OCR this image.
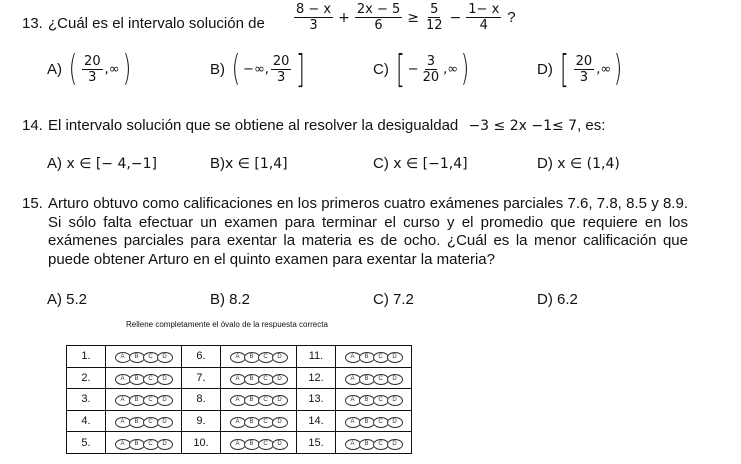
13. ¿Cuál es el intervalo solución de $\frac{8 - x}{3} + \frac{2x - 5}{6} \ge \frac{5}{12} - \frac{1- x}{4}$ ?
A) ( $\frac{20}{3}$ ,∞ )	B) ( −∞, $\frac{20}{3}$ ]	C) [ − $\frac{3}{20}$ ,∞ )	D) [ $\frac{20}{3}$ ,∞ )
14. El intervalo solución que se obtiene al resolver la desigualdad −3 ≤ 2x −1≤ 7, es:
A) x ∈ [− 4,−1]	B)x ∈ [1,4]	C) x ∈ [−1,4]	D) x ∈ (1,4)
15. Arturo obtuvo como calificaciones en los primeros cuatro exámenes parciales 7.6, 7.8, 8.5 y 8.9. Si sólo falta efectuar un examen para terminar el curso y el promedio que requiere en los exámenes parciales para exentar la materia es de ocho. ¿Cuál es la menor calificación que puede obtener Arturo en el quinto examen para exentar la materia?
A) 5.2	B) 8.2	C) 7.2	D) 6.2
Rellene completamente el óvalo de la respuesta correcta
1.	A B C D	6.	A B C D	11.	A B C D

2.	A B C D	7.	A B C D	12.	A B C D

3.	A B C D	8.	A B C D	13.	A B C D

4.	A B C D	9.	A B C D	14.	A B C D

5.	A B C D	10.	A B C D	15.	A B C D
